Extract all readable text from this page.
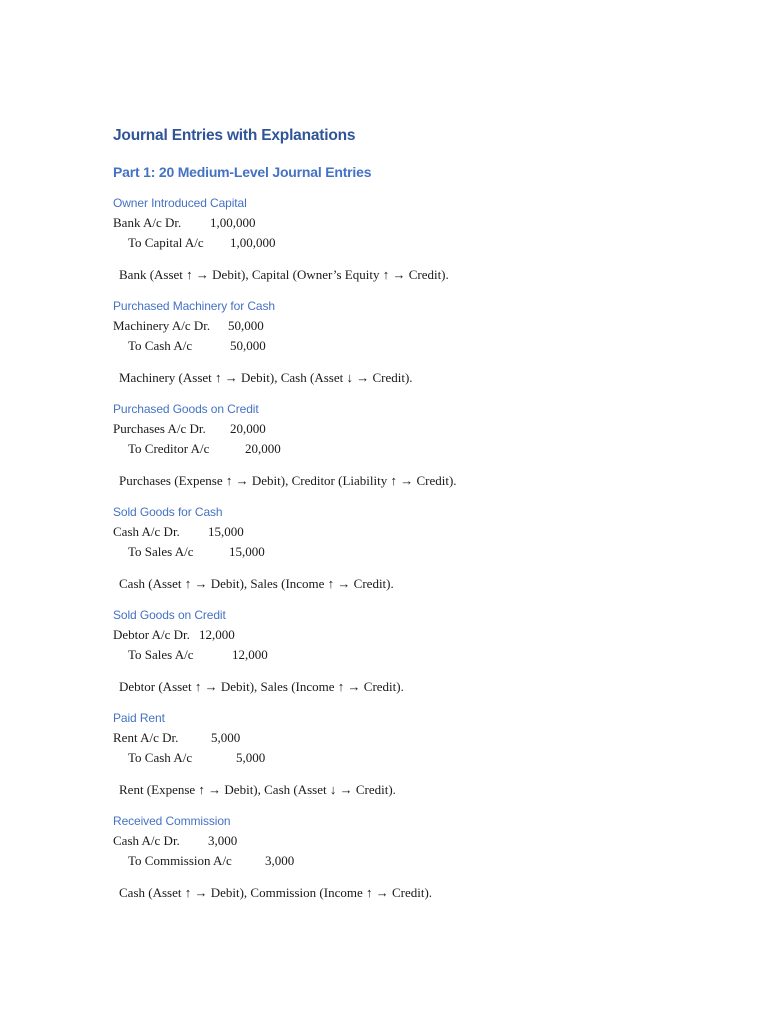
Journal Entries with Explanations
Part 1: 20 Medium-Level Journal Entries
Owner Introduced Capital
Bank A/c Dr. 1,00,000
To Capital A/c 1,00,000
Bank (Asset ↑ → Debit), Capital (Owner’s Equity ↑ → Credit).
Purchased Machinery for Cash
Machinery A/c Dr. 50,000
To Cash A/c	50,000
Machinery (Asset ↑ → Debit), Cash (Asset ↓ → Credit).
Purchased Goods on Credit
Purchases A/c Dr. 20,000
To Creditor A/c	20,000
Purchases (Expense ↑ → Debit), Creditor (Liability ↑ → Credit).
Sold Goods for Cash
Cash A/c Dr. 15,000
To Sales A/c	15,000
Cash (Asset ↑ → Debit), Sales (Income ↑ → Credit).
Sold Goods on Credit
Debtor A/c Dr. 12,000
To Sales A/c	12,000
Debtor (Asset ↑ → Debit), Sales (Income ↑ → Credit).
Paid Rent
Rent A/c Dr.	5,000
To Cash A/c	5,000
Rent (Expense ↑ → Debit), Cash (Asset ↓ → Credit).
Received Commission
Cash A/c Dr. 3,000
To Commission A/c	3,000
Cash (Asset ↑ → Debit), Commission (Income ↑ → Credit).
